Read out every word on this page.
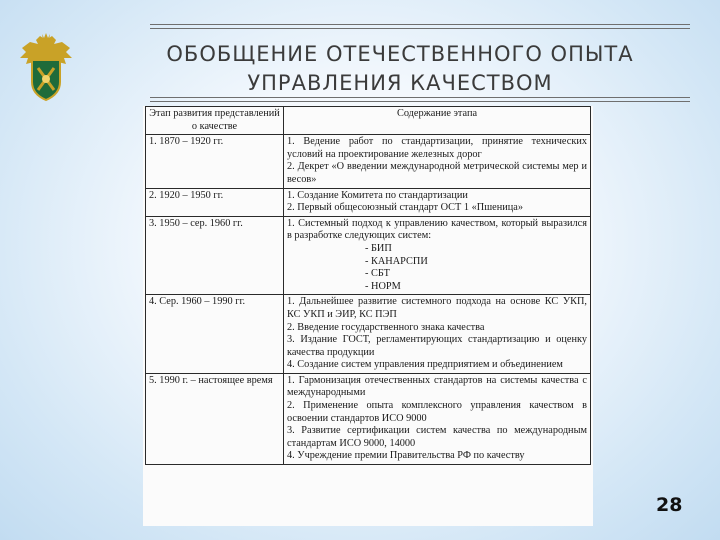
ОБОБЩЕНИЕ ОТЕЧЕСТВЕННОГО ОПЫТА
УПРАВЛЕНИЯ КАЧЕСТВОМ
Этап развития представлений о качестве	Содержание этапа
1. 1870 – 1920 гг.	1. Ведение работ по стандартизации, принятие технических условий на проектирование железных дорог
2. Декрет «О введении международной метрической системы мер и весов»

2. 1920 – 1950 гг.	1. Создание Комитета по стандартизации
2. Первый общесоюзный стандарт ОСТ 1 «Пшеница»

3. 1950 – сер. 1960 гг.	1. Системный подход к управлению качеством, который выразился в разработке следующих систем:
- БИП
- КАНАРСПИ
- СБТ
- НОРМ

4. Сер. 1960 – 1990 гг.	1. Дальнейшее развитие системного подхода на основе КС УКП, КС УКП и ЭИР, КС ПЭП
2. Введение государственного знака качества
3. Издание ГОСТ, регламентирующих стандартизацию и оценку качества продукции
4. Создание систем управления предприятием и объединением

5. 1990 г. – настоящее время	1. Гармонизация отечественных стандартов на системы качества с международными
2. Применение опыта комплексного управления качеством в освоении стандартов ИСО 9000
3. Развитие сертификации систем качества по международным стандартам ИСО 9000, 14000
4. Учреждение премии Правительства РФ по качеству
28
